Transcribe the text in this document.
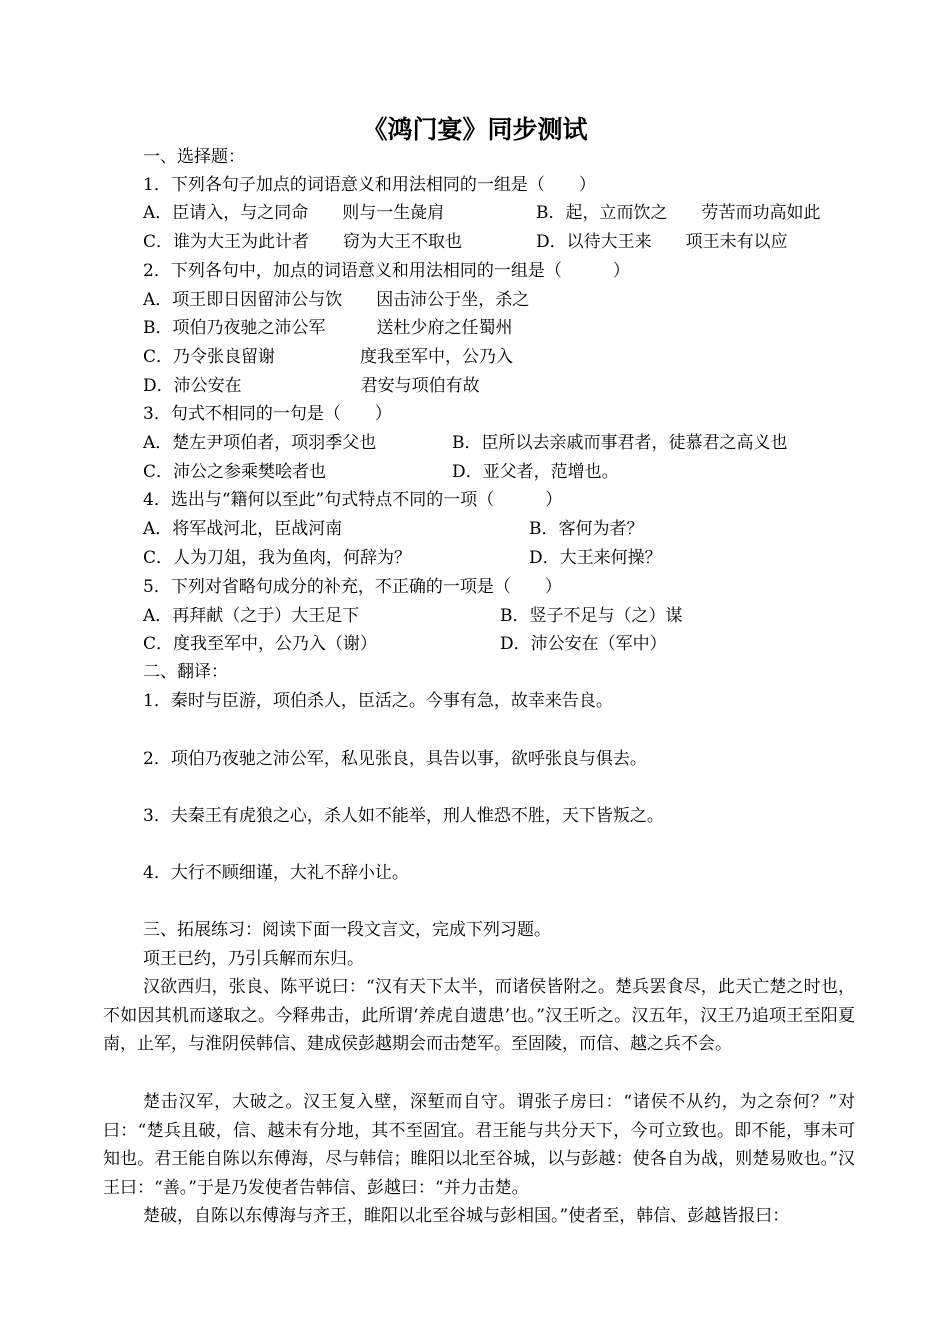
《鸿门宴》同步测试
一、选择题：
1．下列各句子加点的词语意义和用法相同的一组是（　　）
A．臣请入，与之同命　　则与一生彘肩	B．起，立而饮之　　劳苦而功高如此
C．谁为大王为此计者　　窃为大王不取也	D．以待大王来　　项王未有以应
2．下列各句中，加点的词语意义和用法相同的一组是（　　　）
A．项王即日因留沛公与饮　　因击沛公于坐，杀之
B．项伯乃夜驰之沛公军　　　送杜少府之任蜀州
C．乃令张良留谢　　　　　度我至军中，公乃入
D．沛公安在　　　　　　　君安与项伯有故
3．句式不相同的一句是（　　）
A．楚左尹项伯者，项羽季父也	B．臣所以去亲戚而事君者，徒慕君之高义也
C．沛公之参乘樊哙者也	D．亚父者，范增也。
4．选出与“籍何以至此”句式特点不同的一项（　　　）
A．将军战河北，臣战河南	B．客何为者？
C．人为刀俎，我为鱼肉，何辞为？	D．大王来何操？
5．下列对省略句成分的补充，不正确的一项是（　　）
A．再拜献（之于）大王足下	B．竖子不足与（之）谋
C．度我至军中，公乃入（谢）	D．沛公安在（军中）
二、翻译：
1．秦时与臣游，项伯杀人，臣活之。今事有急，故幸来告良。
2．项伯乃夜驰之沛公军，私见张良，具告以事，欲呼张良与俱去。
3．夫秦王有虎狼之心，杀人如不能举，刑人惟恐不胜，天下皆叛之。
4．大行不顾细谨，大礼不辞小让。
三、拓展练习：阅读下面一段文言文，完成下列习题。
项王已约，乃引兵解而东归。
汉欲西归，张良、陈平说曰：“汉有天下太半，而诸侯皆附之。楚兵罢食尽，此天亡楚之时也，不如因其机而遂取之。今释弗击，此所谓‘养虎自遗患’也。”汉王听之。汉五年，汉王乃追项王至阳夏南，止军，与淮阴侯韩信、建成侯彭越期会而击楚军。至固陵，而信、越之兵不会。
楚击汉军，大破之。汉王复入壁，深堑而自守。谓张子房曰：“诸侯不从约，为之奈何？”对曰：“楚兵且破，信、越未有分地，其不至固宜。君王能与共分天下，今可立致也。即不能，事未可知也。君王能自陈以东傅海，尽与韩信；睢阳以北至谷城，以与彭越：使各自为战，则楚易败也。”汉王曰：“善。”于是乃发使者告韩信、彭越曰：“并力击楚。
楚破，自陈以东傅海与齐王，睢阳以北至谷城与彭相国。”使者至，韩信、彭越皆报曰：
